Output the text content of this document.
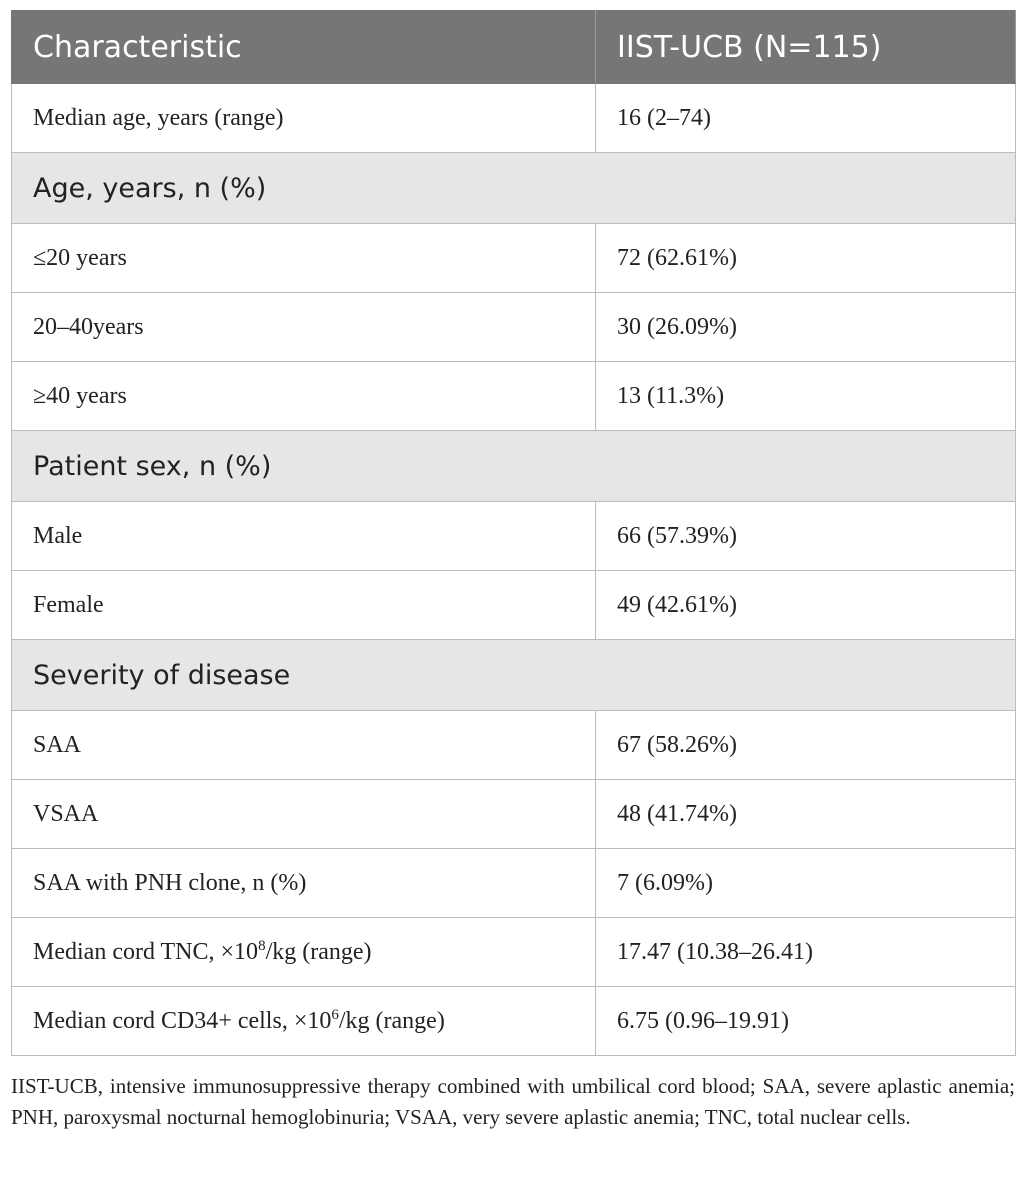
Characteristic	IIST-UCB (N=115)
Median age, years (range)	16 (2–74)
Age, years, n (%)	
≤20 years	72 (62.61%)
20–40years	30 (26.09%)
≥40 years	13 (11.3%)
Patient sex, n (%)	
Male	66 (57.39%)
Female	49 (42.61%)
Severity of disease	
SAA	67 (58.26%)
VSAA	48 (41.74%)
SAA with PNH clone, n (%)	7 (6.09%)
Median cord TNC, $\times 10^8/kg$ (range)	17.47 (10.38–26.41)
Median cord CD34+ cells, $\times 10^6/kg$ (range)	6.75 (0.96–19.91)
IIST-UCB, intensive immunosuppressive therapy combined with umbilical cord blood; SAA, severe aplastic anemia; PNH, paroxysmal nocturnal hemoglobinuria; VSAA, very severe aplastic anemia; TNC, total nuclear cells.
